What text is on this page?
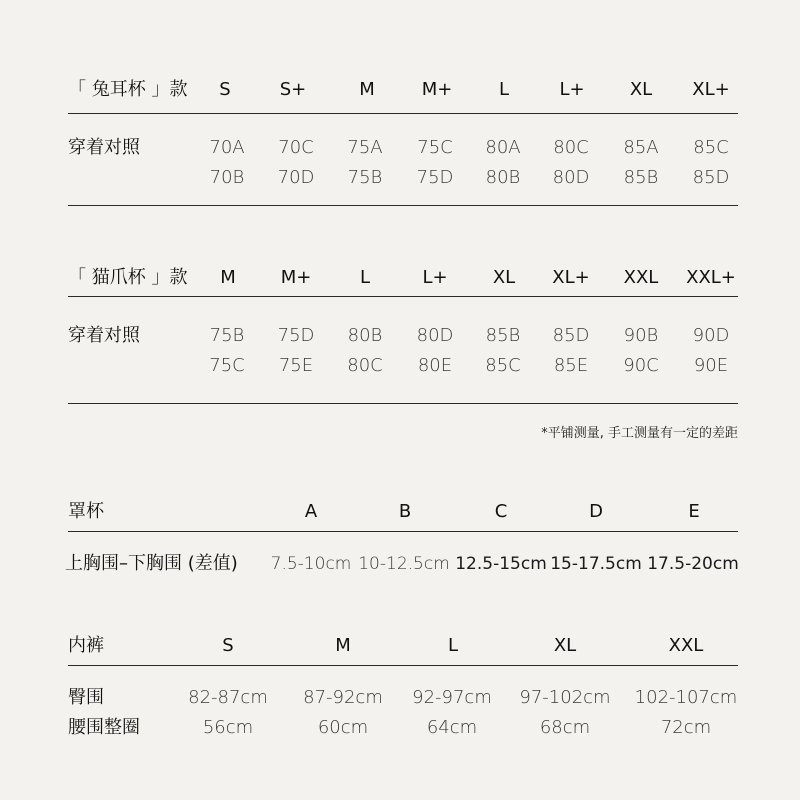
「 兔耳杯 」款 S	S+	M	M+	L	L+	XL XL+
穿着对照	70A 70C 75A 75C 80A 80C 85A 85C
70B 70D 75B 75D 80B 80D 85B 85D
「 猫爪杯 」款 M M+	L	L+	XL XL+ XXL XXL+
穿着对照	75B 75D 80B 80D 85B 85D 90B 90D
75C 75E 80C 80E 85C 85E 90C 90E
*平铺测量, 手工测量有一定的差距
罩杯	A	B	C	D	E
上胸围–下胸围 (差值) 7.5-10cm 10-12.5cm 12.5-15cm 15-17.5cm 17.5-20cm
内裤	S	M	L	XL	XXL
臀围	82-87cm 87-92cm 92-97cm 97-102cm 102-107cm
腰围整圈	56cm	60cm	64cm	68cm	72cm
